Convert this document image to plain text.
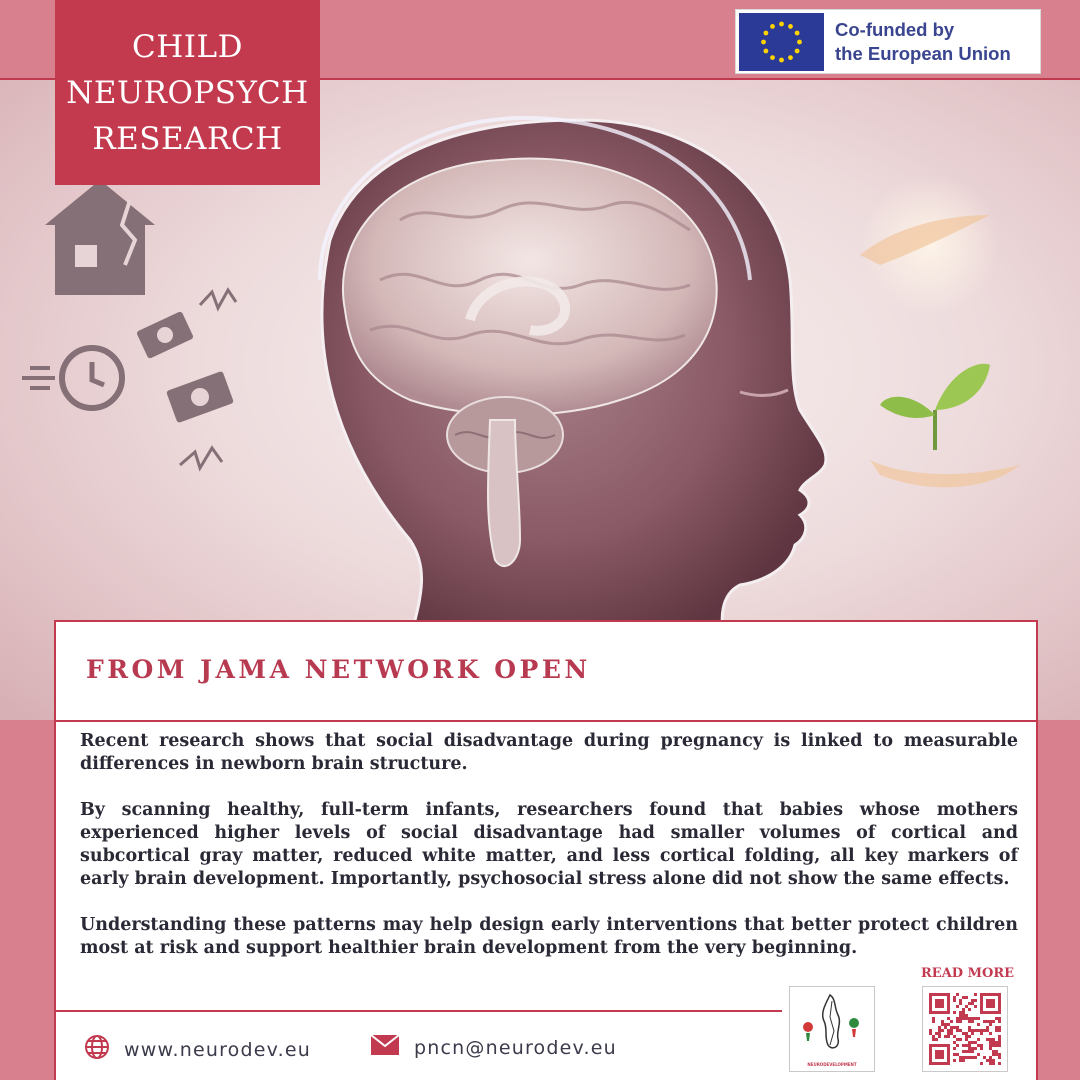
CHILD
NEUROPSYCH
RESEARCH
Co-funded by
the European Union
FROM JAMA NETWORK OPEN

Recent research shows that social disadvantage during pregnancy is linked to measurable differences in newborn brain structure.

By scanning healthy, full-term infants, researchers found that babies whose mothers experienced higher levels of social disadvantage had smaller volumes of cortical and subcortical gray matter, reduced white matter, and less cortical folding, all key markers of early brain development. Importantly, psychosocial stress alone did not show the same effects.

Understanding these patterns may help design early interventions that better protect children most at risk and support healthier brain development from the very beginning.

READ MORE
www.neurodev.eu	pncn@neurodev.eu
NEURODEVELOPMENT
